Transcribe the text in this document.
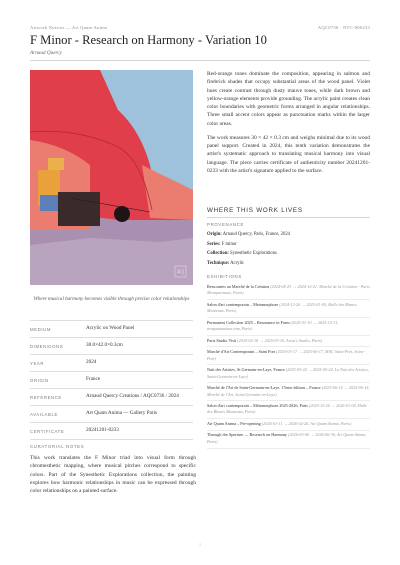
Artwork Notices — Art Quam Anima	AQC0736 · NTC-000233
F Minor - Research on Harmony - Variation 10
Arnaud Quercy
AQ
Where musical harmony becomes visible through precise color relationships
MEDIUM	Acrylic on Wood Panel
DIMENSIONS	30.0×42.0×0.3cm
YEAR	2024
ORIGIN	France
REFERENCE	Arnaud Quercy Creations / AQC0736 / 2024
AVAILABLE	Art Quam Anima — Gallery Paris
CERTIFICATE	20241201-0233
CURATORIAL NOTES
This work translates the F Minor triad into visual form through chromesthetic mapping, where musical pitches correspond to specific colors. Part of the Synesthetic Explorations collection, the painting explores how harmonic relationships in music can be expressed through color relationships on a painted surface.

Red-orange tones dominate the composition, appearing in salmon and firebrick shades that occupy substantial areas of the wood panel. Violet hues create contrast through dusty mauve tones, while dark brown and yellow-orange elements provide grounding. The acrylic paint creates clean color boundaries with geometric forms arranged in angular relationships. Three small accent colors appear as punctuation marks within the larger color areas.

The work measures 30 × 42 × 0.3 cm and weighs minimal due to its wood panel support. Created in 2024, this tenth variation demonstrates the artist's systematic approach to translating musical harmony into visual language. The piece carries certificate of authenticity number 20241201-0233 with the artist's signature applied to the surface.

WHERE THIS WORK LIVES
PROVENANCE
Origin: Arnaud Quercy, Paris, France, 2024
Series: F minor
Collection: Synesthetic Explorations
Technique: Acrylic
EXHIBITIONS
Rencontres au Marché de la Création (2024-04-23 → 2024-12-21, Marché de la Création - Paris Montparnasse, Paris)
Salon d'art contemporain – Metamorphose (2024-12-26 → 2025-01-05, Halle des Blancs Manteaux, Paris)
Permanent Collection 2025 – Resonance in Form (2025-01-10 → 2025-12-31, artquamanima.com, Paris)
Paris Studio Visit (2025-02-18 → 2025-03-16, Artist's Studio, Paris)
Marché d'Art Contemporain – Saint Port (2025-03-17 → 2025-06-17, MAC Saint-Port, Seine-Port)
Nuit des Artistes, St Germain-en-Laye, France (2025-05-24 → 2025-05-24, La Nuit des Artistes, Saint-Germain-en-Laye)
Marché de l'Art de Saint-Germain-en-Laye, 17eme édition – France (2025-06-14 → 2025-06-14, Marché de l'Art, Saint-Germain-en-Laye)
Salon d'art contemporain – Métamorphose 2025-2026, Paris (2025-12-20 → 2026-01-04, Halle des Blancs Manteaux, Paris)
Art Quam Anima – Pre-opening (2026-01-11 → 2026-02-26, Art Quam Anima, Paris)
Through the Aperture — Research on Harmony (2026-03-06 → 2026-06-30, Art Quam Anima, Paris)
1
